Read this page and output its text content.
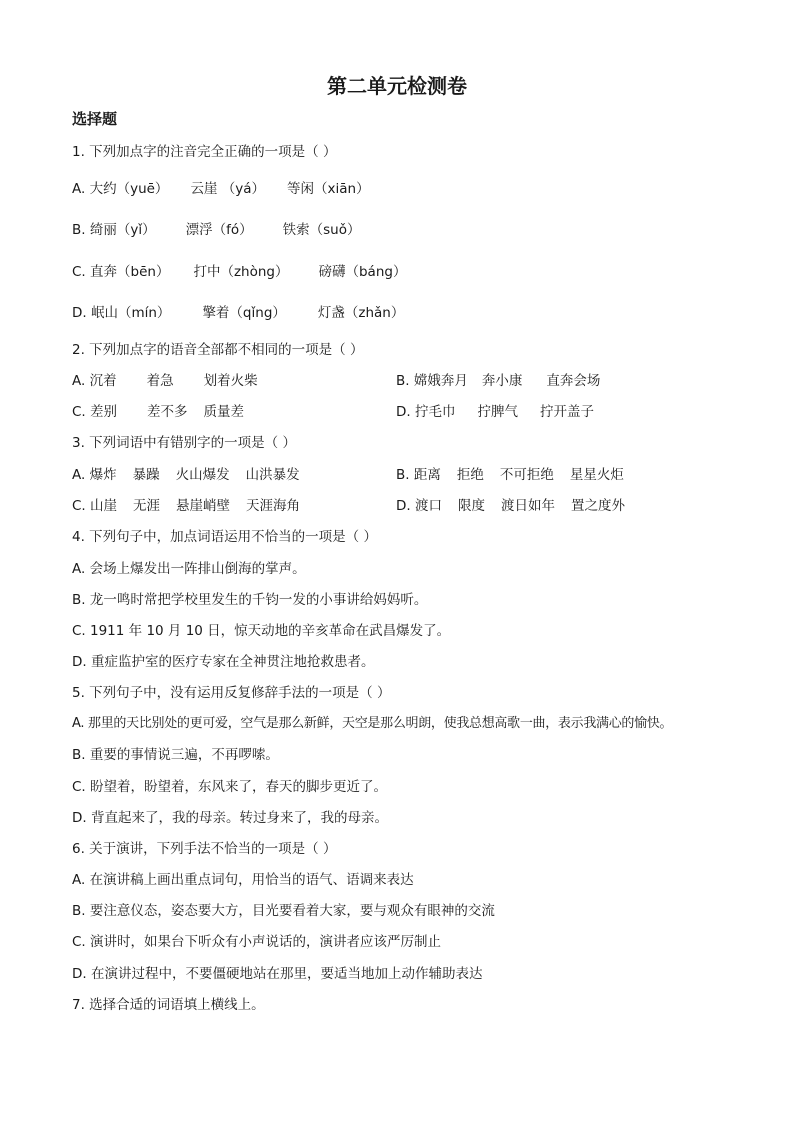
第二单元检测卷
选择题
1. 下列加点字的注音完全正确的一项是（ ）
A. 大约（yuē） 云崖 （yá） 等闲（xiān）
B. 绮丽（yǐ） 漂浮（fó） 铁索（suǒ）
C. 直奔（bēn） 打中（zhòng） 磅礴（báng）
D. 岷山（mín） 擎着（qǐng） 灯盏（zhǎn）
2. 下列加点字的语音全部都不相同的一项是（ ）
A. 沉着 着急 划着火柴	B. 嫦娥奔月 奔小康 直奔会场
C. 差别 差不多 质量差	D. 拧毛巾 拧脾气 拧开盖子
3. 下列词语中有错别字的一项是（ ）
A. 爆炸 暴躁 火山爆发 山洪暴发	B. 距离 拒绝 不可拒绝 星星火炬
C. 山崖 无涯 悬崖峭壁 天涯海角	D. 渡口 限度 渡日如年 置之度外
4. 下列句子中，加点词语运用不恰当的一项是（ ）
A. 会场上爆发出一阵排山倒海的掌声。
B. 龙一鸣时常把学校里发生的千钧一发的小事讲给妈妈听。
C. 1911 年 10 月 10 日，惊天动地的辛亥革命在武昌爆发了。
D. 重症监护室的医疗专家在全神贯注地抢救患者。
5. 下列句子中，没有运用反复修辞手法的一项是（ ）
A. 那里的天比别处的更可爱，空气是那么新鲜，天空是那么明朗，使我总想高歌一曲，表示我满心的愉快。
B. 重要的事情说三遍，不再啰嗦。
C. 盼望着，盼望着，东风来了，春天的脚步更近了。
D. 背直起来了，我的母亲。转过身来了，我的母亲。
6. 关于演讲，下列手法不恰当的一项是（ ）
A. 在演讲稿上画出重点词句，用恰当的语气、语调来表达
B. 要注意仪态，姿态要大方，目光要看着大家，要与观众有眼神的交流
C. 演讲时，如果台下听众有小声说话的，演讲者应该严厉制止
D. 在演讲过程中，不要僵硬地站在那里，要适当地加上动作辅助表达
7. 选择合适的词语填上横线上。
